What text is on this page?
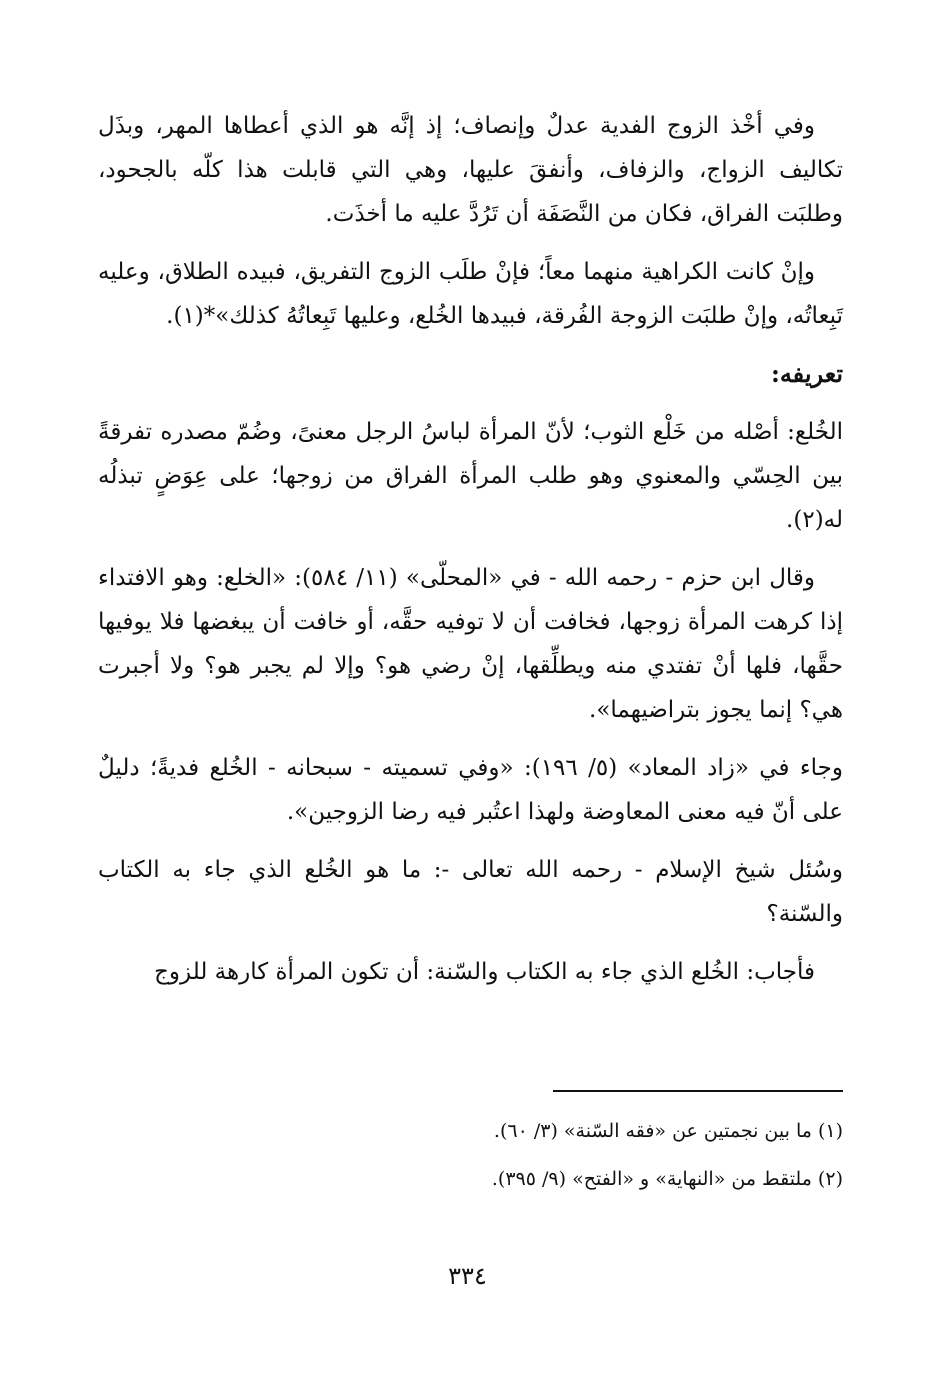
وفي أخْذ الزوج الفدية عدلٌ وإنصاف؛ إذ إنَّه هو الذي أعطاها المهر، وبذَل تكاليف الزواج، والزفاف، وأنفقَ عليها، وهي التي قابلت هذا كلّه بالجحود، وطلبَت الفراق، فكان من النَّصَفَة أن تَرُدَّ عليه ما أخذَت.

وإنْ كانت الكراهية منهما معاً؛ فإنْ طلَب الزوج التفريق، فبيده الطلاق، وعليه تَبِعاتُه، وإنْ طلبَت الزوجة الفُرقة، فبيدها الخُلع، وعليها تَبِعاتُهُ كذلك»*(١).

تعريفه:

الخُلع: أصْله من خَلْع الثوب؛ لأنّ المرأة لباسُ الرجل معنىً، وضُمّ مصدره تفرقةً بين الحِسّي والمعنوي وهو طلب المرأة الفراق من زوجها؛ على عِوَضٍ تبذلُه له(٢).

وقال ابن حزم - رحمه الله - في «المحلّى» (١١/ ٥٨٤): «الخلع: وهو الافتداء إذا كرهت المرأة زوجها، فخافت أن لا توفيه حقَّه، أو خافت أن يبغضها فلا يوفيها حقَّها، فلها أنْ تفتدي منه ويطلِّقها، إنْ رضي هو؟ وإلا لم يجبر هو؟ ولا أجبرت هي؟ إنما يجوز بتراضيهما».

وجاء في «زاد المعاد» (٥/ ١٩٦): «وفي تسميته - سبحانه - الخُلع فديةً؛ دليلٌ على أنّ فيه معنى المعاوضة ولهذا اعتُبر فيه رضا الزوجين».

وسُئل شيخ الإسلام - رحمه الله تعالى -: ما هو الخُلع الذي جاء به الكتاب والسّنة؟

فأجاب: الخُلع الذي جاء به الكتاب والسّنة: أن تكون المرأة كارهة للزوج

(١) ما بين نجمتين عن «فقه السّنة» (٣/ ٦٠).

(٢) ملتقط من «النهاية» و «الفتح» (٩/ ٣٩٥).

٣٣٤
